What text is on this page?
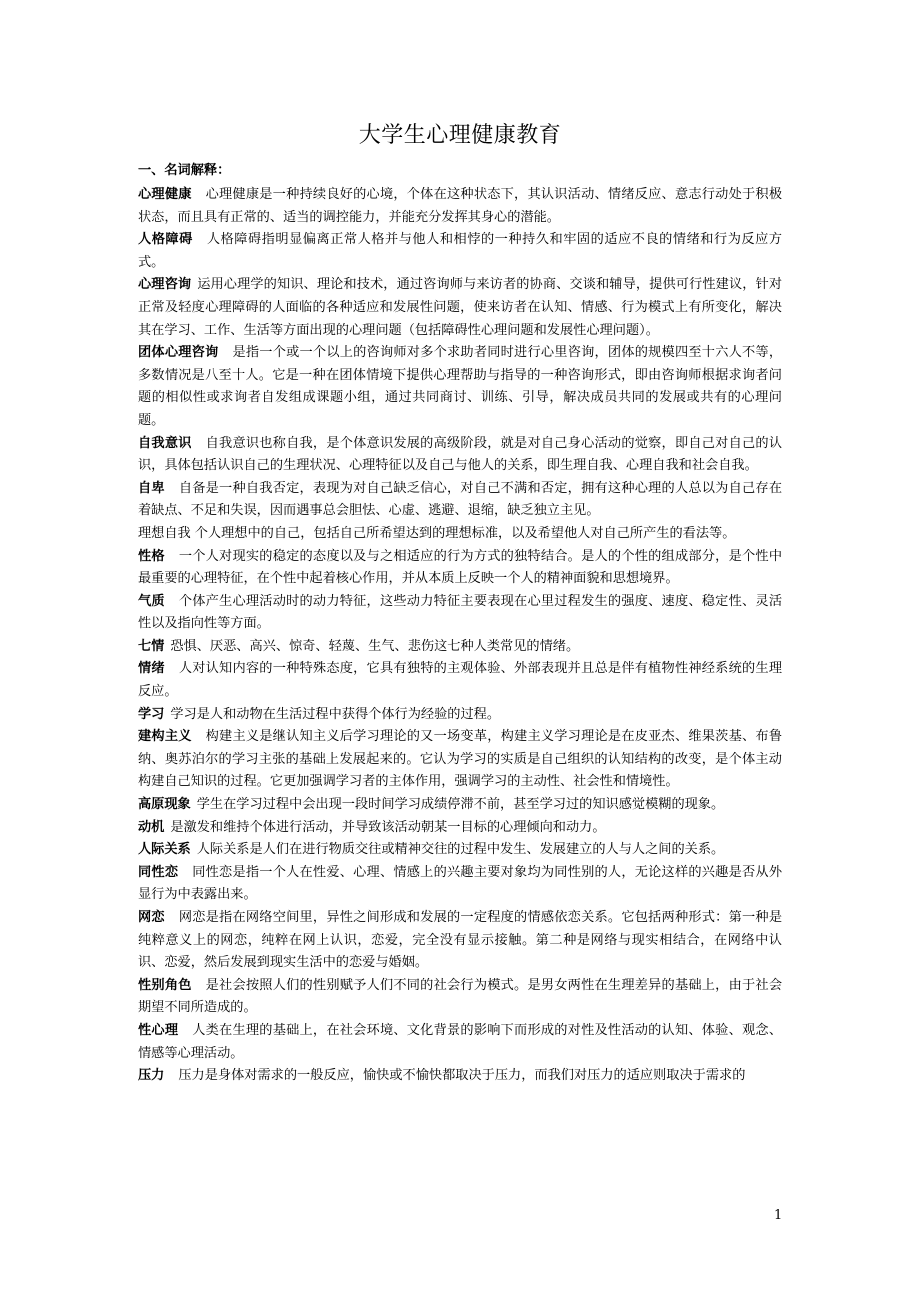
大学生心理健康教育
一、名词解释：

心理健康 心理健康是一种持续良好的心境，个体在这种状态下，其认识活动、情绪反应、意志行动处于积极状态，而且具有正常的、适当的调控能力，并能充分发挥其身心的潜能。

人格障碍 人格障碍指明显偏离正常人格并与他人和相悖的一种持久和牢固的适应不良的情绪和行为反应方式。

心理咨询 运用心理学的知识、理论和技术，通过咨询师与来访者的协商、交谈和辅导，提供可行性建议，针对正常及轻度心理障碍的人面临的各种适应和发展性问题，使来访者在认知、情感、行为模式上有所变化，解决其在学习、工作、生活等方面出现的心理问题（包括障碍性心理问题和发展性心理问题）。

团体心理咨询 是指一个或一个以上的咨询师对多个求助者同时进行心里咨询，团体的规模四至十六人不等，多数情况是八至十人。它是一种在团体情境下提供心理帮助与指导的一种咨询形式，即由咨询师根据求询者问题的相似性或求询者自发组成课题小组，通过共同商讨、训练、引导，解决成员共同的发展或共有的心理问题。

自我意识 自我意识也称自我，是个体意识发展的高级阶段，就是对自己身心活动的觉察，即自己对自己的认识，具体包括认识自己的生理状况、心理特征以及自己与他人的关系，即生理自我、心理自我和社会自我。

自卑 自备是一种自我否定，表现为对自己缺乏信心，对自己不满和否定，拥有这种心理的人总以为自己存在着缺点、不足和失误，因而遇事总会胆怯、心虚、逃避、退缩，缺乏独立主见。

理想自我 个人理想中的自己，包括自己所希望达到的理想标准，以及希望他人对自己所产生的看法等。

性格 一个人对现实的稳定的态度以及与之相适应的行为方式的独特结合。是人的个性的组成部分，是个性中最重要的心理特征，在个性中起着核心作用，并从本质上反映一个人的精神面貌和思想境界。

气质 个体产生心理活动时的动力特征，这些动力特征主要表现在心里过程发生的强度、速度、稳定性、灵活性以及指向性等方面。

七情 恐惧、厌恶、高兴、惊奇、轻蔑、生气、悲伤这七种人类常见的情绪。

情绪 人对认知内容的一种特殊态度，它具有独特的主观体验、外部表现并且总是伴有植物性神经系统的生理反应。

学习 学习是人和动物在生活过程中获得个体行为经验的过程。

建构主义 构建主义是继认知主义后学习理论的又一场变革，构建主义学习理论是在皮亚杰、维果茨基、布鲁纳、奥苏泊尔的学习主张的基础上发展起来的。它认为学习的实质是自己组织的认知结构的改变，是个体主动构建自己知识的过程。它更加强调学习者的主体作用，强调学习的主动性、社会性和情境性。

高原现象 学生在学习过程中会出现一段时间学习成绩停滞不前，甚至学习过的知识感觉模糊的现象。

动机 是激发和维持个体进行活动，并导致该活动朝某一目标的心理倾向和动力。

人际关系 人际关系是人们在进行物质交往或精神交往的过程中发生、发展建立的人与人之间的关系。

同性恋 同性恋是指一个人在性爱、心理、情感上的兴趣主要对象均为同性别的人，无论这样的兴趣是否从外显行为中表露出来。

网恋 网恋是指在网络空间里，异性之间形成和发展的一定程度的情感依恋关系。它包括两种形式：第一种是纯粹意义上的网恋，纯粹在网上认识，恋爱，完全没有显示接触。第二种是网络与现实相结合，在网络中认识、恋爱，然后发展到现实生活中的恋爱与婚姻。

性别角色 是社会按照人们的性别赋予人们不同的社会行为模式。是男女两性在生理差异的基础上，由于社会期望不同所造成的。

性心理 人类在生理的基础上，在社会环境、文化背景的影响下而形成的对性及性活动的认知、体验、观念、情感等心理活动。

压力 压力是身体对需求的一般反应，愉快或不愉快都取决于压力，而我们对压力的适应则取决于需求的

1
